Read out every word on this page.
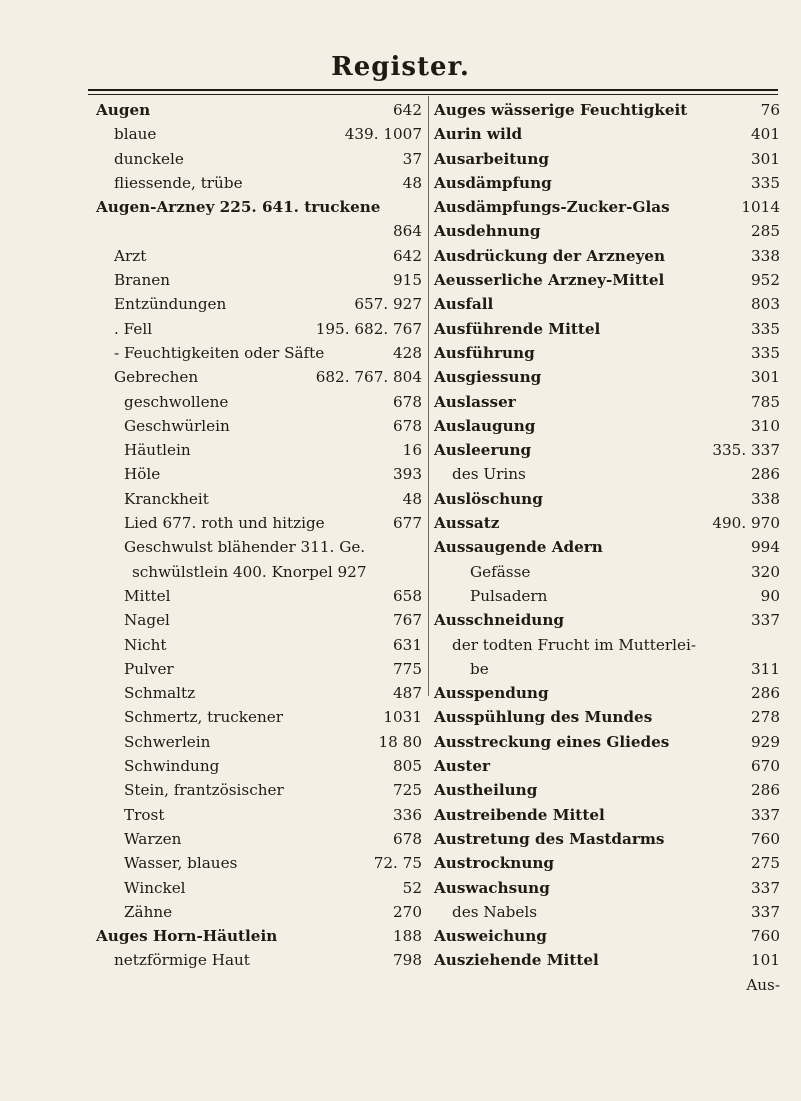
Register.
Augen	642
blaue	439. 1007
dunckele	37
fliessende, trübe	48
Augen-Arzney 225. 641. truckene
864
Arzt	642
Branen	915
Entzündungen	657. 927
. Fell	195. 682. 767
- Feuchtigkeiten oder Säfte	428
Gebrechen	682. 767. 804
geschwollene	678
Geschwürlein	678
Häutlein	16
Höle	393
Kranckheit	48
Lied 677. roth und hitzige	677
Geschwulst blähender 311. Ge.
schwülstlein 400. Knorpel 927
Mittel	658
Nagel	767
Nicht	631
Pulver	775
Schmaltz	487
Schmertz, truckener	1031
Schwerlein	18 80
Schwindung	805
Stein, frantzösischer	725
Trost	336
Warzen	678
Wasser, blaues	72. 75
Winckel	52
Zähne	270
Auges Horn-Häutlein	188
netzförmige Haut	798
Auges wässerige Feuchtigkeit	76
Aurin wild	401
Ausarbeitung	301
Ausdämpfung	335
Ausdämpfungs-Zucker-Glas	1014
Ausdehnung	285
Ausdrückung der Arzneyen	338
Aeusserliche Arzney-Mittel	952
Ausfall	803
Ausführende Mittel	335
Ausführung	335
Ausgiessung	301
Auslasser	785
Auslaugung	310
Ausleerung	335. 337
des Urins	286
Auslöschung	338
Aussatz	490. 970
Aussaugende Adern	994
Gefässe	320
Pulsadern	90
Ausschneidung	337
der todten Frucht im Mutterlei-
be	311
Ausspendung	286
Ausspühlung des Mundes	278
Ausstreckung eines Gliedes	929
Auster	670
Austheilung	286
Austreibende Mittel	337
Austretung des Mastdarms	760
Austrocknung	275
Auswachsung	337
des Nabels	337
Ausweichung	760
Ausziehende Mittel	101
Aus-
